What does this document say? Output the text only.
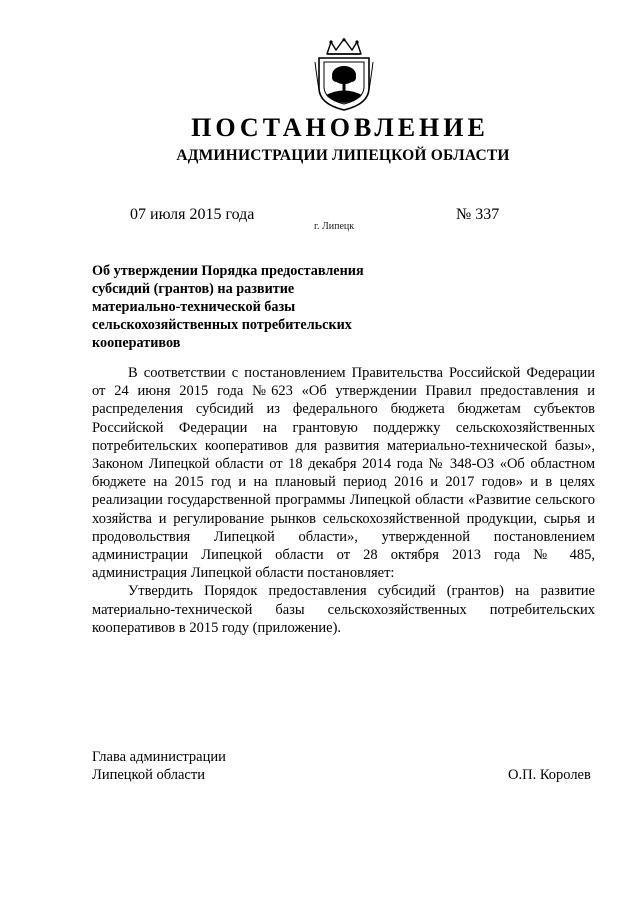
ПОСТАНОВЛЕНИЕ
АДМИНИСТРАЦИИ ЛИПЕЦКОЙ ОБЛАСТИ
07 июля 2015 года
г. Липецк
№ 337
Об утверждении Порядка предоставления
субсидий (грантов) на развитие
материально-технической базы
сельскохозяйственных потребительских
кооперативов

В соответствии с постановлением Правительства Российской Федерации от 24 июня 2015 года №623 «Об утверждении Правил предоставления и распределения субсидий из федерального бюджета бюджетам субъектов Российской Федерации на грантовую поддержку сельскохозяйственных потребительских кооперативов для развития материально-технической базы», Законом Липецкой области от 18 декабря 2014 года № 348-ОЗ «Об областном бюджете на 2015 год и на плановый период 2016 и 2017 годов» и в целях реализации государственной программы Липецкой области «Развитие сельского хозяйства и регулирование рынков сельскохозяйственной продукции, сырья и продовольствия Липецкой области», утвержденной постановлением администрации Липецкой области от 28 октября 2013 года № 485, администрация Липецкой области постановляет:

Утвердить Порядок предоставления субсидий (грантов) на развитие материально-технической базы сельскохозяйственных потребительских кооперативов в 2015 году (приложение).

Глава администрации
Липецкой области	О.П. Королев
